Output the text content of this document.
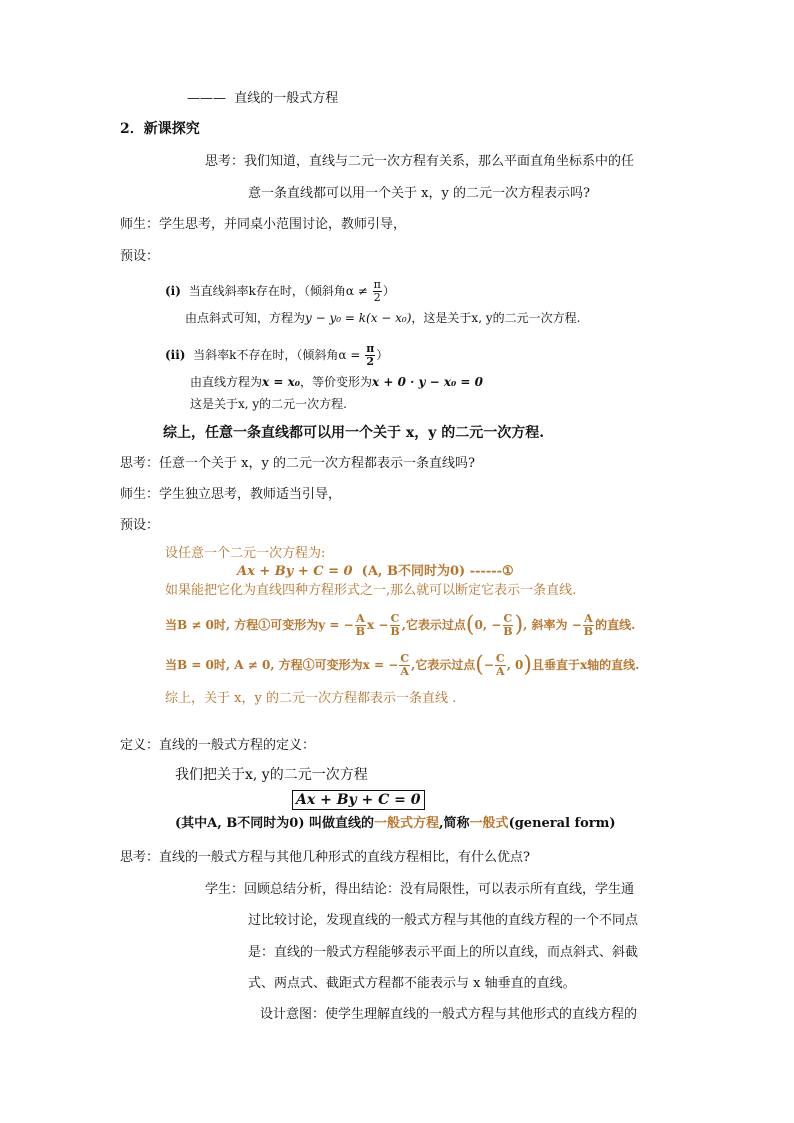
——— 直线的一般式方程
2．新课探究
思考：我们知道，直线与二元一次方程有关系，那么平面直角坐标系中的任
意一条直线都可以用一个关于 x，y 的二元一次方程表示吗?
师生：学生思考，并同桌小范围讨论，教师引导，
预设：
(i) 当直线斜率k存在时，（倾斜角$\alpha \ne \frac{\pi}{2}$ ）
由点斜式可知，方程为y − y₀ = k(x − x₀)，这是关于x, y的二元一次方程.
(ii) 当斜率k不存在时，（倾斜角$\alpha = \frac{\pi}{2}$ ）
由直线方程为x = x₀，等价变形为x + 0 · y − x₀ = 0
这是关于x, y的二元一次方程.
综上，任意一条直线都可以用一个关于 x，y 的二元一次方程.
思考：任意一个关于 x，y 的二元一次方程都表示一条直线吗?
师生：学生独立思考，教师适当引导，
预设：
设任意一个二元一次方程为:
Ax + By + C = 0 (A, B不同时为0) ------①
如果能把它化为直线四种方程形式之一,那么就可以断定它表示一条直线.
当B ≠ 0时, 方程①可变形为y = − $\frac{A}{B}$ $x - \frac{C}{B}$ ,它表示过点(0, − $\frac{C}{B}$ ), 斜率为 − $\frac{A}{B}$ 的直线.
当B = 0时, A ≠ 0, 方程①可变形为x = − $\frac{C}{A}$ ,它表示过点(− $\frac{C}{A}$ , 0)且垂直于x轴的直线.
综上，关于 x，y 的二元一次方程都表示一条直线 .
定义：直线的一般式方程的定义：
我们把关于x, y的二元一次方程
Ax + By + C = 0
(其中A, B不同时为0) 叫做直线的一般式方程,简称一般式(general form)
思考：直线的一般式方程与其他几种形式的直线方程相比，有什么优点?
学生：回顾总结分析，得出结论：没有局限性，可以表示所有直线，学生通
过比较讨论，发现直线的一般式方程与其他的直线方程的一个不同点
是：直线的一般式方程能够表示平面上的所以直线，而点斜式、斜截
式、两点式、截距式方程都不能表示与 x 轴垂直的直线。
设计意图：使学生理解直线的一般式方程与其他形式的直线方程的
